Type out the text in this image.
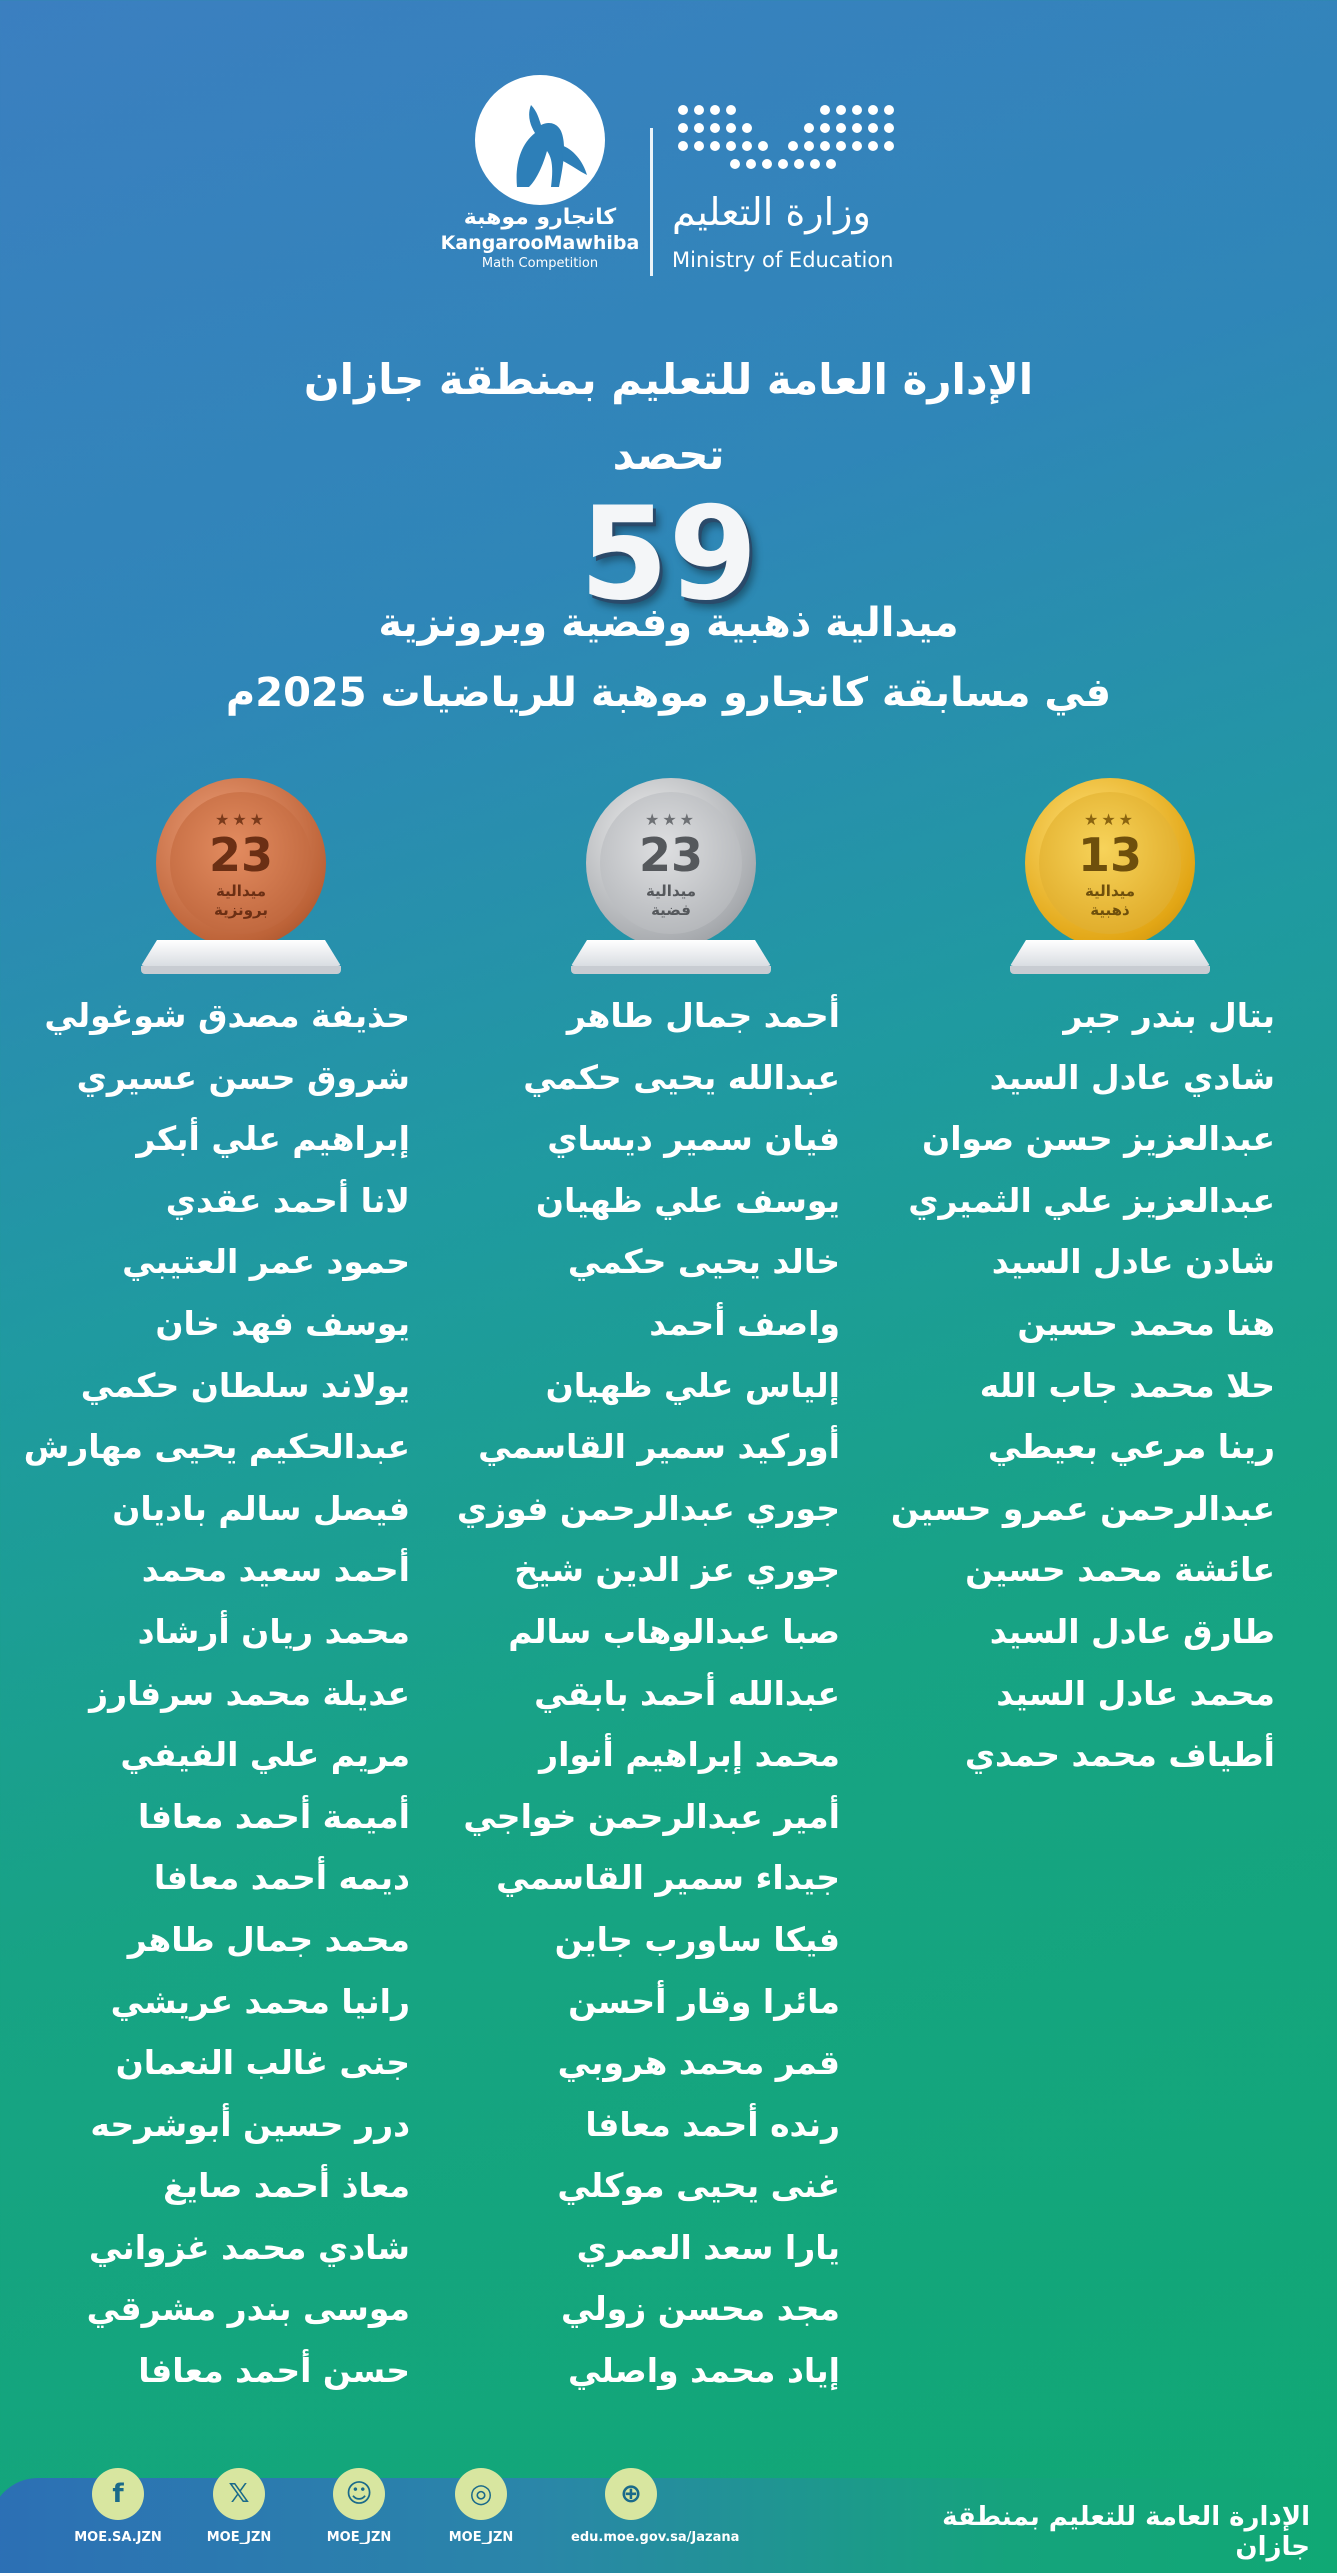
كانجارو موهبة
KangarooMawhiba
Math Competition
وزارة التعليم
Ministry of Education
الإدارة العامة للتعليم بمنطقة جازان
تحصد
59
ميدالية ذهبية وفضية وبرونزية
في مسابقة كانجارو موهبة للرياضيات 2025م
★★★
13
ميدالية
ذهبية
★★★
23
ميدالية
فضية
★★★
23
ميدالية
برونزية
بتال بندر جبر
شادي عادل السيد
عبدالعزيز حسن صوان
عبدالعزيز علي الثميري
شادن عادل السيد
هنا محمد حسين
حلا محمد جاب الله
رينا مرعي بعيطي
عبدالرحمن عمرو حسين
عائشة محمد حسين
طارق عادل السيد
محمد عادل السيد
أطياف محمد حمدي
أحمد جمال طاهر
عبدالله يحيى حكمي
فيان سمير ديساي
يوسف علي ظهيان
خالد يحيى حكمي
واصف أحمد
إلياس علي ظهيان
أوركيد سمير القاسمي
جوري عبدالرحمن فوزي
جوري عز الدين شيخ
صبا عبدالوهاب سالم
عبدالله أحمد بابقي
محمد إبراهيم أنوار
أمير عبدالرحمن خواجي
جيداء سمير القاسمي
فيكا ساورب جاين
مائرا وقار أحسن
قمر محمد هروبي
رنده أحمد معافا
غنى يحيى موكلي
يارا سعد العمري
مجد محسن زولي
إياد محمد واصلي
حذيفة مصدق شوغولي
شروق حسن عسيري
إبراهيم علي أبكر
لانا أحمد عقدي
حمود عمر العتيبي
يوسف فهد خان
يولاند سلطان حكمي
عبدالحكيم يحيى مهارش
فيصل سالم باديان
أحمد سعيد محمد
محمد ريان أرشاد
عديلة محمد سرفارز
مريم علي الفيفي
أميمة أحمد معافا
ديمه أحمد معافا
محمد جمال طاهر
رانيا محمد عريشي
جنى غالب النعمان
درر حسين أبوشرحه
معاذ أحمد صايغ
شادي محمد غزواني
موسى بندر مشرقي
حسن أحمد معافا
الإدارة العامة للتعليم بمنطقة جازان
f
MOE.SA.JZN
𝕏
MOE_JZN
☺
MOE_JZN
◎
MOE_JZN
⊕
edu.moe.gov.sa/Jazana
